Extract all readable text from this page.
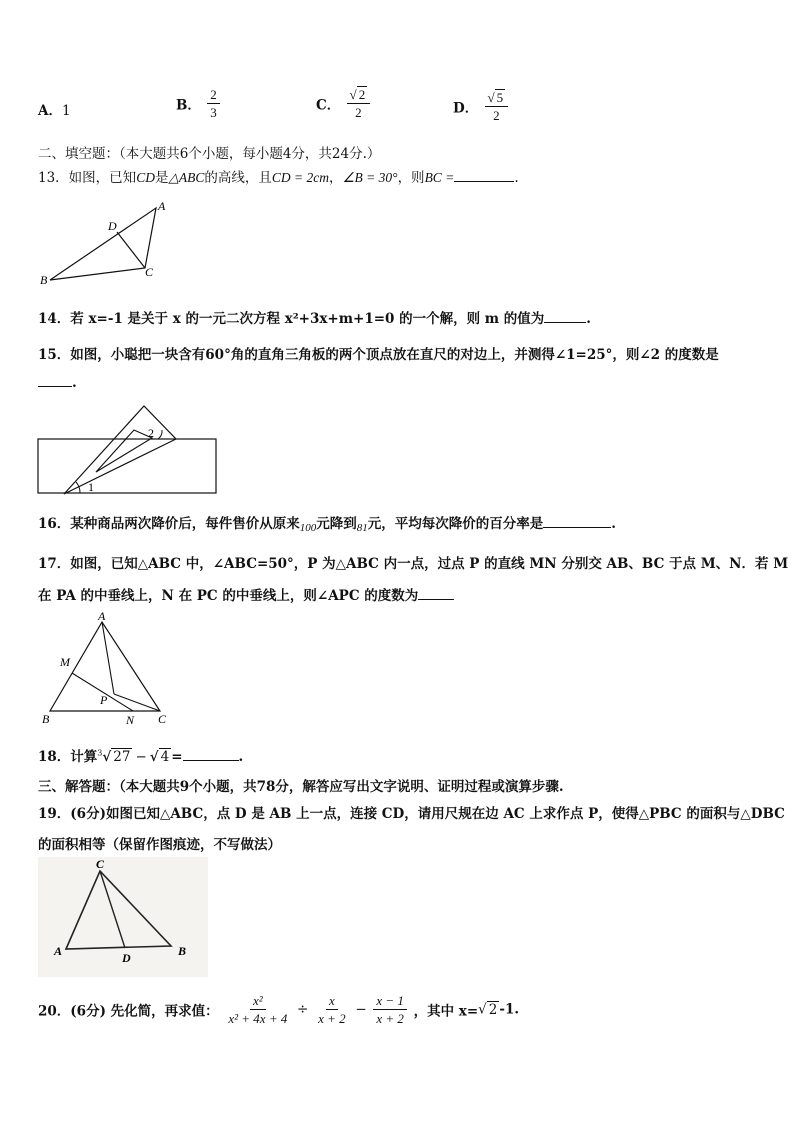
A．1	B． $\frac{2}{3}$	C． $\frac{√ 2}{2}$	D． $\frac{√ 5}{2}$
二、填空题：（本大题共6个小题，每小题4分，共24分.）
13．如图，已知CD是△ABC的高线，且CD = 2cm，∠B = 30°，则BC =	.
A
B
C
D
14．若 x=-1 是关于 x 的一元二次方程 x²+3x+m+1=0 的一个解，则 m 的值为	.
15．如图，小聪把一块含有60°角的直角三角板的两个顶点放在直尺的对边上，并测得∠1=25°，则∠2 的度数是
.
1
2
16．某种商品两次降价后，每件售价从原来$_{100}$元降到$_{81}$元，平均每次降价的百分率是	.
17．如图，已知△ABC 中，∠ABC=50°，P 为△ABC 内一点，过点 P 的直线 MN 分别交 AB、BC 于点 M、N．若 M
在 PA 的中垂线上，N 在 PC 的中垂线上，则∠APC 的度数为
A
B	C
M
N
P
18．计算$^3$√ 27 − √ 4 =	.
三、解答题：（本大题共9个小题，共78分，解答应写出文字说明、证明过程或演算步骤.
19．(6分)如图已知△ABC，点 D 是 AB 上一点，连接 CD，请用尺规在边 AC 上求作点 P，使得△PBC 的面积与△DBC
的面积相等（保留作图痕迹，不写做法）
A	B
C
D
20．(6分) 先化简，再求值： $\frac{\text{x²}}{\text{x² + 4x + 4}} \div \frac{x}{x + 2} - \frac{x - 1}{x + 2}$ ，其中 x=√ 2 -1.
